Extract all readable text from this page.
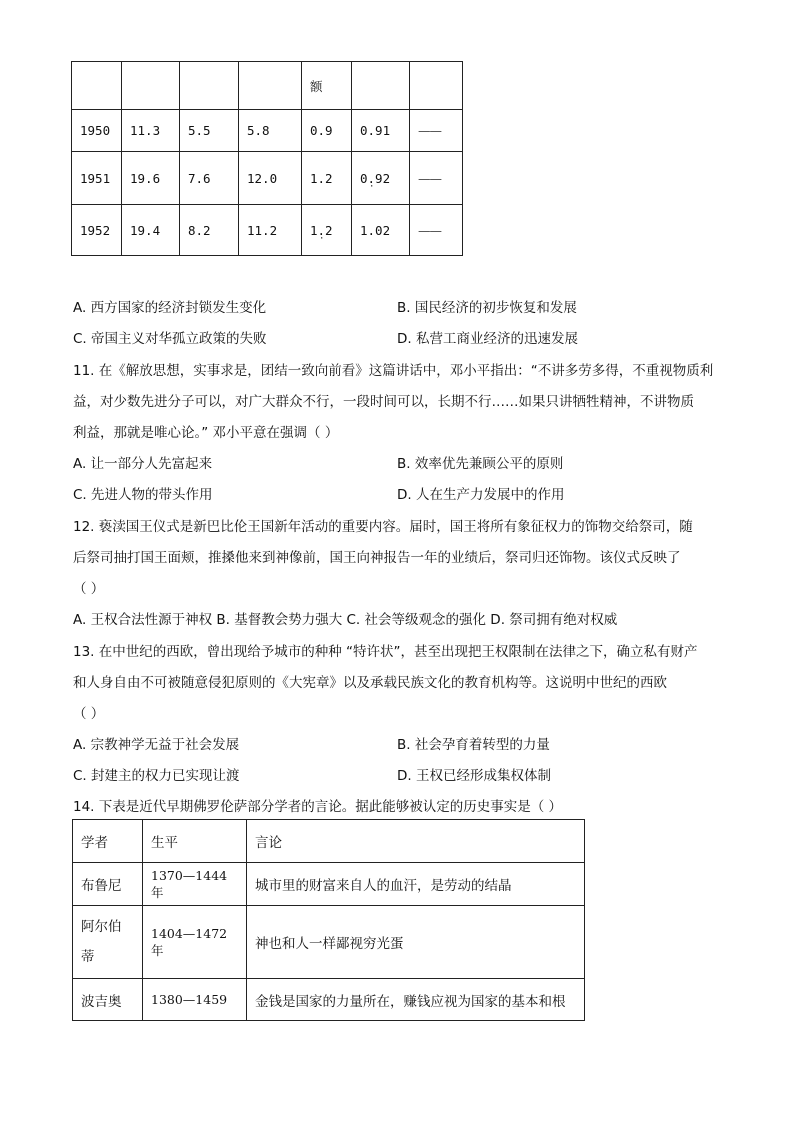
				额		
1950	11.3	5.5	5.8	0.9	0.91	——
1951	19.6	7.6	12.0	1.2	0.92 ·	——
1952	19.4	8.2	11.2	1.2 ·	1.02	——
A. 西方国家的经济封锁发生变化	B. 国民经济的初步恢复和发展
C. 帝国主义对华孤立政策的失败	D. 私营工商业经济的迅速发展
11. 在《解放思想，实事求是，团结一致向前看》这篇讲话中，邓小平指出：“不讲多劳多得，不重视物质利
益，对少数先进分子可以，对广大群众不行，一段时间可以，长期不行……如果只讲牺牲精神，不讲物质
利益，那就是唯心论。” 邓小平意在强调（ ）
A. 让一部分人先富起来	B. 效率优先兼顾公平的原则
C. 先进人物的带头作用	D. 人在生产力发展中的作用
12. 亵渎国王仪式是新巴比伦王国新年活动的重要内容。届时，国王将所有象征权力的饰物交给祭司，随
后祭司抽打国王面颊，推搡他来到神像前，国王向神报告一年的业绩后，祭司归还饰物。该仪式反映了
（ ）
A. 王权合法性源于神权 B. 基督教会势力强大 C. 社会等级观念的强化 D. 祭司拥有绝对权威
13. 在中世纪的西欧，曾出现给予城市的种种 “特许状”，甚至出现把王权限制在法律之下，确立私有财产
和人身自由不可被随意侵犯原则的《大宪章》以及承载民族文化的教育机构等。这说明中世纪的西欧
（ ）
A. 宗教神学无益于社会发展	B. 社会孕育着转型的力量
C. 封建主的权力已实现让渡	D. 王权已经形成集权体制
14. 下表是近代早期佛罗伦萨部分学者的言论。据此能够被认定的历史事实是（ ）
学者	生平	言论
布鲁尼	1370—1444 年	城市里的财富来自人的血汗，是劳动的结晶
阿尔伯蒂	1404—1472 年	神也和人一样鄙视穷光蛋
波吉奥	1380—1459	金钱是国家的力量所在，赚钱应视为国家的基本和根
